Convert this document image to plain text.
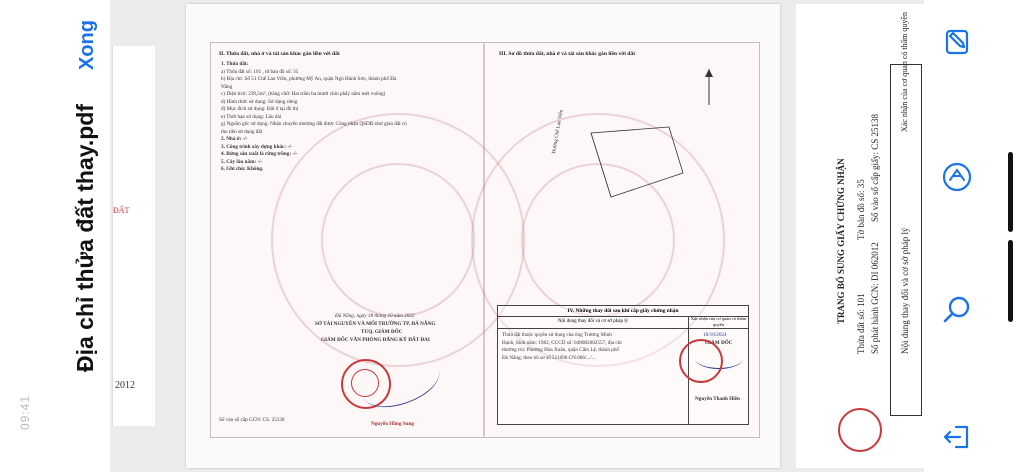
Địa chỉ thửa đất thay.pdf
Xong
09:41
ĐẤT
2012
II. Thửa đất, nhà ở và tài sản khác gắn liền với đất
1. Thửa đất:
a) Thửa đất số: 101 , tờ bản đồ số: 35
b) Địa chỉ: Số 51 Chế Lan Viên, phường Mỹ An, quận Ngũ Hành Sơn, thành phố Đà
Nẵng
c) Diện tích: 239,5m², (bằng chữ: Hai trăm ba mươi chín phẩy năm mét vuông)
d) Hình thức sử dụng: Sử dụng riêng
đ) Mục đích sử dụng: Đất ở tại đô thị
e) Thời hạn sử dụng: Lâu dài
g) Nguồn gốc sử dụng: Nhận chuyển nhượng đất được Công nhận QSDĐ như giao đất có
thu tiền sử dụng đất
2. Nhà ở: -/-
3. Công trình xây dựng khác: -/-
4. Rừng sản xuất là rừng trồng: -/-
5. Cây lâu năm: -/-
6. Ghi chú: Không.
Đà Nẵng, ngày 18 tháng 10 năm 2022
SỞ TÀI NGUYÊN VÀ MÔI TRƯỜNG TP. ĐÀ NẴNG
TUQ. GIÁM ĐỐC
GIÁM ĐỐC VĂN PHÒNG ĐĂNG KÝ ĐẤT ĐAI
Nguyễn Hồng Sung
Số vào sổ cấp GCN: CS. 25138
III. Sơ đồ thửa đất, nhà ở và tài sản khác gắn liền với đất
Đường Chế Lan Viên
IV. Những thay đổi sau khi cấp giấy chứng nhận
Nội dung thay đổi và cơ sở pháp lý
Thửa đất thuộc quyền sử dụng của ông Trương Minh
Hạnh, Sinh năm: 1982, CCCD số: 048082002557, địa chỉ
thường trú: Phường Hòa Xuân, quận Cẩm Lệ, thành phố
Đà Nẵng; theo hồ sơ số 511690.CN.006/.../...
Xác nhận của cơ quan có thẩm quyền
18/10/2024
GIÁM ĐỐC
Nguyễn Thanh Hiền
TRANG BỔ SUNG GIẤY CHỨNG NHẬN Thửa đất số: 101
Tờ bản đồ số: 35
Số phát hành GCN: DI 062012
Số vào sổ cấp giấy: CS 25138
Nội dung thay đổi và cơ sở pháp lý
Xác nhận của cơ quan có thẩm quyền
